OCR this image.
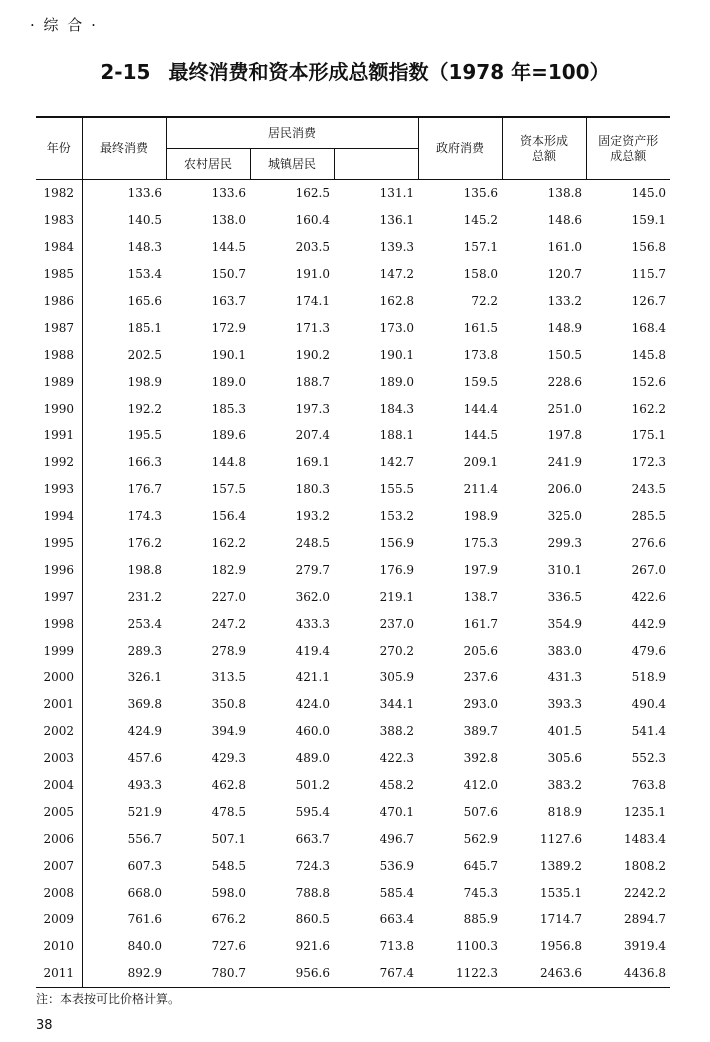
· 综 合 ·
2-15 最终消费和资本形成总额指数（1978 年=100）
年份	最终消费	居民消费			政府消费	资本形成总额	固定资产形成总额

		农村居民	城镇居民				
1982	133.6	133.6	162.5	131.1	135.6	138.8	145.0
1983	140.5	138.0	160.4	136.1	145.2	148.6	159.1
1984	148.3	144.5	203.5	139.3	157.1	161.0	156.8
1985	153.4	150.7	191.0	147.2	158.0	120.7	115.7
1986	165.6	163.7	174.1	162.8	72.2	133.2	126.7
1987	185.1	172.9	171.3	173.0	161.5	148.9	168.4
1988	202.5	190.1	190.2	190.1	173.8	150.5	145.8
1989	198.9	189.0	188.7	189.0	159.5	228.6	152.6
1990	192.2	185.3	197.3	184.3	144.4	251.0	162.2
1991	195.5	189.6	207.4	188.1	144.5	197.8	175.1
1992	166.3	144.8	169.1	142.7	209.1	241.9	172.3
1993	176.7	157.5	180.3	155.5	211.4	206.0	243.5
1994	174.3	156.4	193.2	153.2	198.9	325.0	285.5
1995	176.2	162.2	248.5	156.9	175.3	299.3	276.6
1996	198.8	182.9	279.7	176.9	197.9	310.1	267.0
1997	231.2	227.0	362.0	219.1	138.7	336.5	422.6
1998	253.4	247.2	433.3	237.0	161.7	354.9	442.9
1999	289.3	278.9	419.4	270.2	205.6	383.0	479.6
2000	326.1	313.5	421.1	305.9	237.6	431.3	518.9
2001	369.8	350.8	424.0	344.1	293.0	393.3	490.4
2002	424.9	394.9	460.0	388.2	389.7	401.5	541.4
2003	457.6	429.3	489.0	422.3	392.8	305.6	552.3
2004	493.3	462.8	501.2	458.2	412.0	383.2	763.8
2005	521.9	478.5	595.4	470.1	507.6	818.9	1235.1
2006	556.7	507.1	663.7	496.7	562.9	1127.6	1483.4
2007	607.3	548.5	724.3	536.9	645.7	1389.2	1808.2
2008	668.0	598.0	788.8	585.4	745.3	1535.1	2242.2
2009	761.6	676.2	860.5	663.4	885.9	1714.7	2894.7
2010	840.0	727.6	921.6	713.8	1100.3	1956.8	3919.4
2011	892.9	780.7	956.6	767.4	1122.3	2463.6	4436.8
注：本表按可比价格计算。
38
